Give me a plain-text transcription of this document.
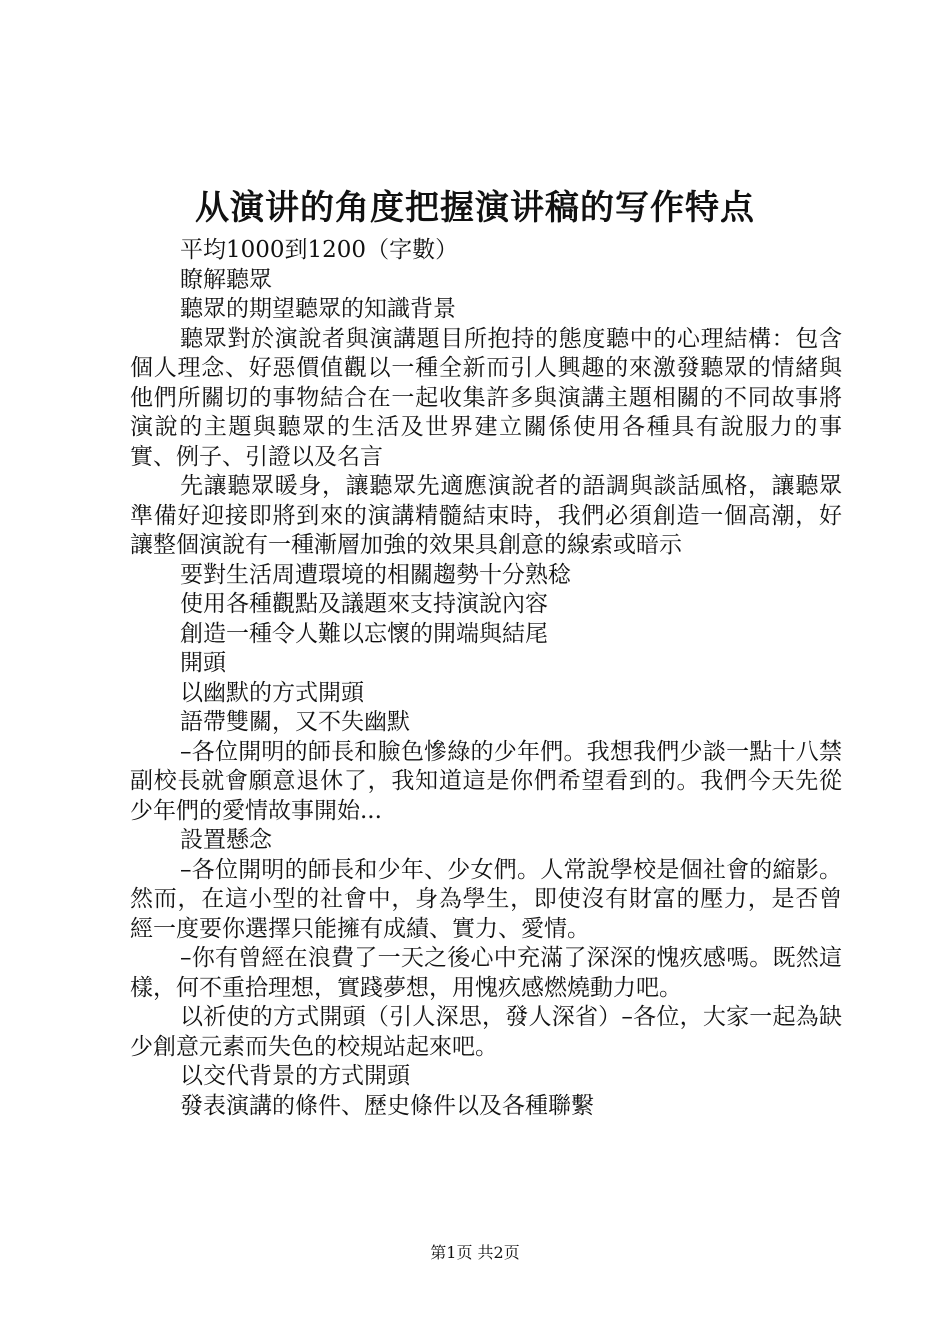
从演讲的角度把握演讲稿的写作特点

平均1000到1200（字數）

瞭解聽眾

聽眾的期望聽眾的知識背景

聽眾對於演說者與演講題目所抱持的態度聽中的心理結構：包含個人理念、好惡價值觀以一種全新而引人興趣的來激發聽眾的情緒與他們所關切的事物結合在一起收集許多與演講主題相關的不同故事將演說的主題與聽眾的生活及世界建立關係使用各種具有說服力的事實、例子、引證以及名言

先讓聽眾暖身，讓聽眾先適應演說者的語調與談話風格，讓聽眾準備好迎接即將到來的演講精髓結束時，我們必須創造一個高潮，好讓整個演說有一種漸層加強的效果具創意的線索或暗示

要對生活周遭環境的相關趨勢十分熟稔

使用各種觀點及議題來支持演說內容

創造一種令人難以忘懷的開端與結尾

開頭

以幽默的方式開頭

語帶雙關，又不失幽默

–各位開明的師長和臉色慘綠的少年們。我想我們少談一點十八禁副校長就會願意退休了，我知道這是你們希望看到的。我們今天先從少年們的愛情故事開始...

設置懸念

–各位開明的師長和少年、少女們。人常說學校是個社會的縮影。然而，在這小型的社會中，身為學生，即使沒有財富的壓力，是否曾經一度要你選擇只能擁有成績、實力、愛情。

–你有曾經在浪費了一天之後心中充滿了深深的愧疚感嗎。既然這樣，何不重拾理想，實踐夢想，用愧疚感燃燒動力吧。

以祈使的方式開頭（引人深思，發人深省）–各位，大家一起為缺少創意元素而失色的校規站起來吧。

以交代背景的方式開頭

發表演講的條件、歷史條件以及各種聯繫

第1页 共2页
